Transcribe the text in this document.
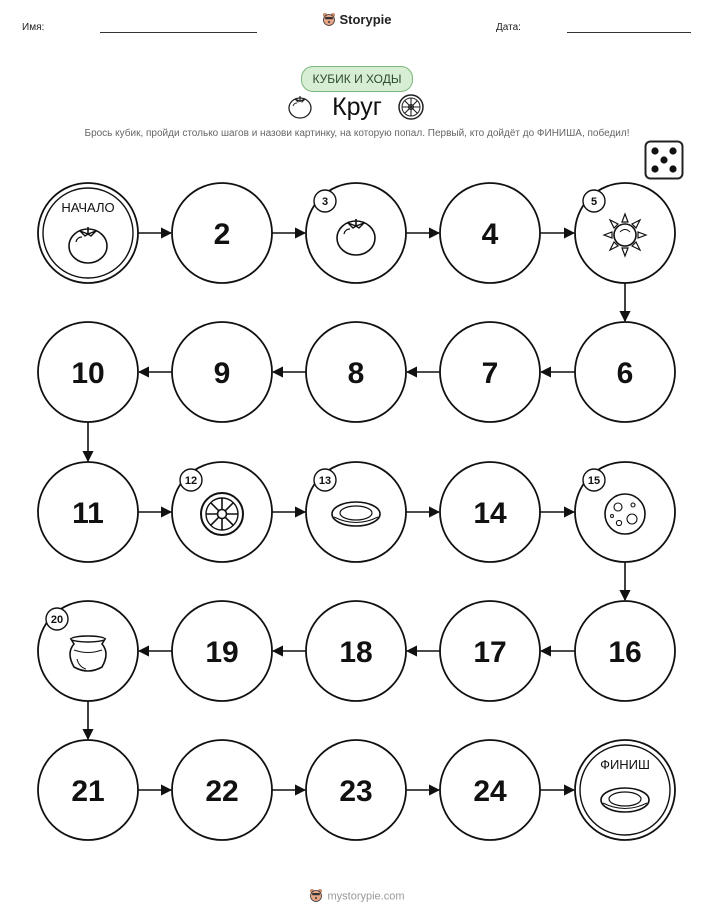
Имя:
Storypie
Дата:
КУБИК И ХОДЫ
Круг
Брось кубик, пройди столько шагов и назови картинку, на которую попал. Первый, кто дойдёт до ФИНИША, победил!
НАЧАЛО
2
3
4
5
6
7
8
9
10
11
12	13
14
15
16
17
18
19
20
21	22	23	24
ФИНИШ
mystorypie.com
